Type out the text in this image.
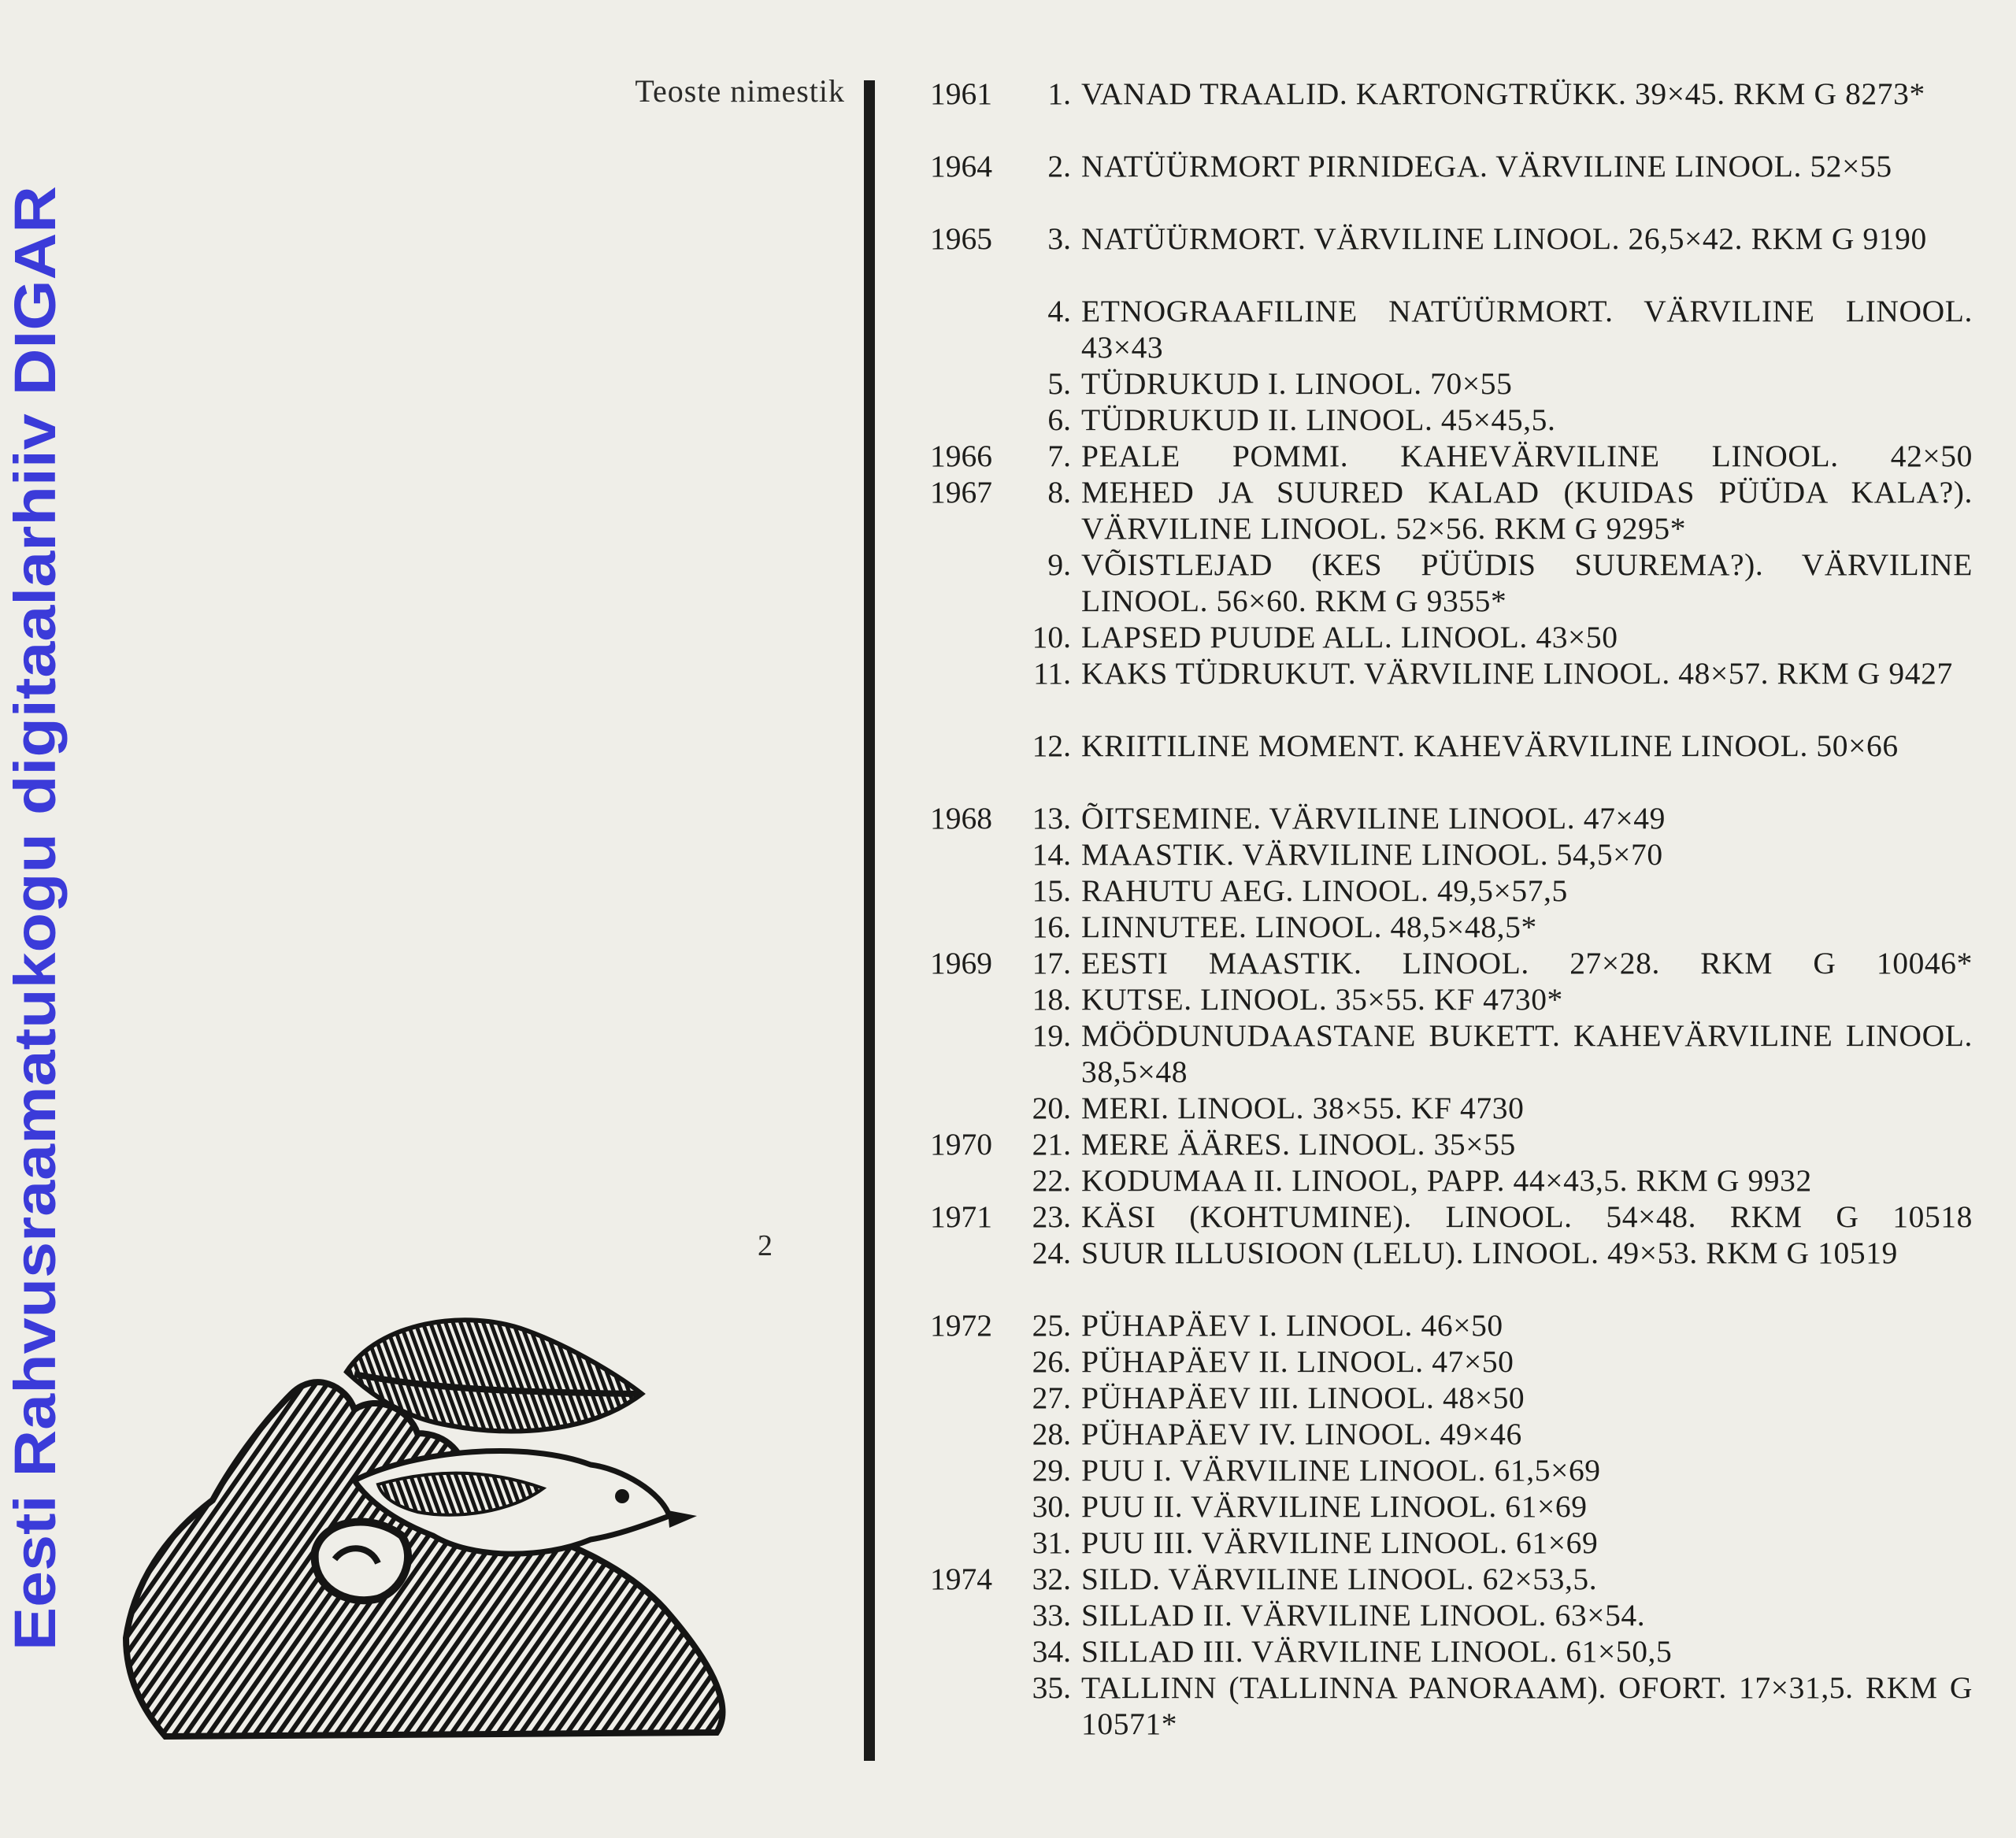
Eesti Rahvusraamatukogu digitaalarhiiv DIGAR
Teoste nimestik
2
1961	1. VANAD TRAALID. KARTONGTRÜKK. 39×45. RKM G 8273*
1964	2. NATÜÜRMORT PIRNIDEGA. VÄRVILINE LINOOL. 52×55
1965	3. NATÜÜRMORT. VÄRVILINE LINOOL. 26,5×42. RKM G 9190
4. ETNOGRAAFILINE NATÜÜRMORT. VÄRVILINE LINOOL. 43×43
5. TÜDRUKUD I. LINOOL. 70×55
6. TÜDRUKUD II. LINOOL. 45×45,5.
1966	7. PEALE POMMI. KAHEVÄRVILINE LINOOL. 42×50
1967	8. MEHED JA SUURED KALAD (KUIDAS PÜÜDA KALA?). VÄRVILINE LINOOL. 52×56. RKM G 9295*
9. VÕISTLEJAD (KES PÜÜDIS SUUREMA?). VÄRVILINE LINOOL. 56×60. RKM G 9355*
10. LAPSED PUUDE ALL. LINOOL. 43×50
11. KAKS TÜDRUKUT. VÄRVILINE LINOOL. 48×57. RKM G 9427
12. KRIITILINE MOMENT. KAHEVÄRVILINE LINOOL. 50×66
1968	13. ÕITSEMINE. VÄRVILINE LINOOL. 47×49
14. MAASTIK. VÄRVILINE LINOOL. 54,5×70
15. RAHUTU AEG. LINOOL. 49,5×57,5
16. LINNUTEE. LINOOL. 48,5×48,5*
1969	17. EESTI MAASTIK. LINOOL. 27×28. RKM G 10046*
18. KUTSE. LINOOL. 35×55. KF 4730*
19. MÖÖDUNUDAASTANE BUKETT. KAHEVÄRVILINE LINOOL. 38,5×48
20. MERI. LINOOL. 38×55. KF 4730
1970	21. MERE ÄÄRES. LINOOL. 35×55
22. KODUMAA II. LINOOL, PAPP. 44×43,5. RKM G 9932
1971	23. KÄSI (KOHTUMINE). LINOOL. 54×48. RKM G 10518
24. SUUR ILLUSIOON (LELU). LINOOL. 49×53. RKM G 10519
1972	25. PÜHAPÄEV I. LINOOL. 46×50
26. PÜHAPÄEV II. LINOOL. 47×50
27. PÜHAPÄEV III. LINOOL. 48×50
28. PÜHAPÄEV IV. LINOOL. 49×46
29. PUU I. VÄRVILINE LINOOL. 61,5×69
30. PUU II. VÄRVILINE LINOOL. 61×69
31. PUU III. VÄRVILINE LINOOL. 61×69
1974	32. SILD. VÄRVILINE LINOOL. 62×53,5.
33. SILLAD II. VÄRVILINE LINOOL. 63×54.
34. SILLAD III. VÄRVILINE LINOOL. 61×50,5
35. TALLINN (TALLINNA PANORAAM). OFORT. 17×31,5. RKM G 10571*
